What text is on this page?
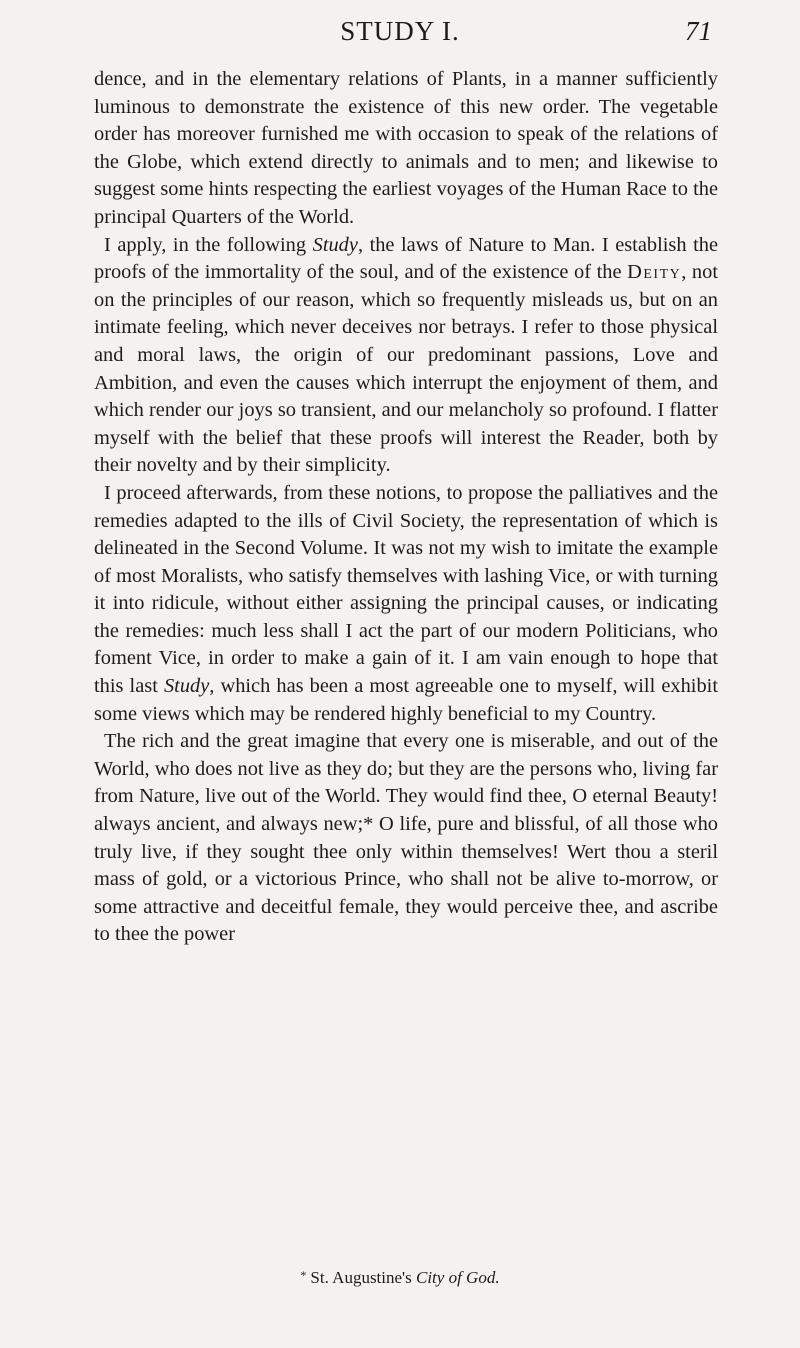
STUDY I.	71

dence, and in the elementary relations of Plants, in a manner sufficiently luminous to demonstrate the existence of this new order. The vegetable order has moreover furnished me with occasion to speak of the relations of the Globe, which extend directly to animals and to men; and likewise to suggest some hints respecting the earliest voyages of the Human Race to the principal Quarters of the World.

I apply, in the following Study, the laws of Nature to Man. I establish the proofs of the immortality of the soul, and of the existence of the Deity, not on the principles of our reason, which so frequently misleads us, but on an intimate feeling, which never deceives nor betrays. I refer to those physical and moral laws, the origin of our predominant passions, Love and Ambition, and even the causes which interrupt the enjoyment of them, and which render our joys so transient, and our melancholy so profound. I flatter myself with the belief that these proofs will interest the Reader, both by their novelty and by their simplicity.

I proceed afterwards, from these notions, to propose the palliatives and the remedies adapted to the ills of Civil Society, the representation of which is delineated in the Second Volume. It was not my wish to imitate the example of most Moralists, who satisfy themselves with lashing Vice, or with turning it into ridicule, without either assigning the principal causes, or indicating the remedies: much less shall I act the part of our modern Politicians, who foment Vice, in order to make a gain of it. I am vain enough to hope that this last Study, which has been a most agreeable one to myself, will exhibit some views which may be rendered highly beneficial to my Country.

The rich and the great imagine that every one is miserable, and out of the World, who does not live as they do; but they are the persons who, living far from Nature, live out of the World. They would find thee, O eternal Beauty! always ancient, and always new;* O life, pure and blissful, of all those who truly live, if they sought thee only within themselves! Wert thou a steril mass of gold, or a victorious Prince, who shall not be alive to-morrow, or some attractive and deceitful female, they would perceive thee, and ascribe to thee the power

* St. Augustine's City of God.
